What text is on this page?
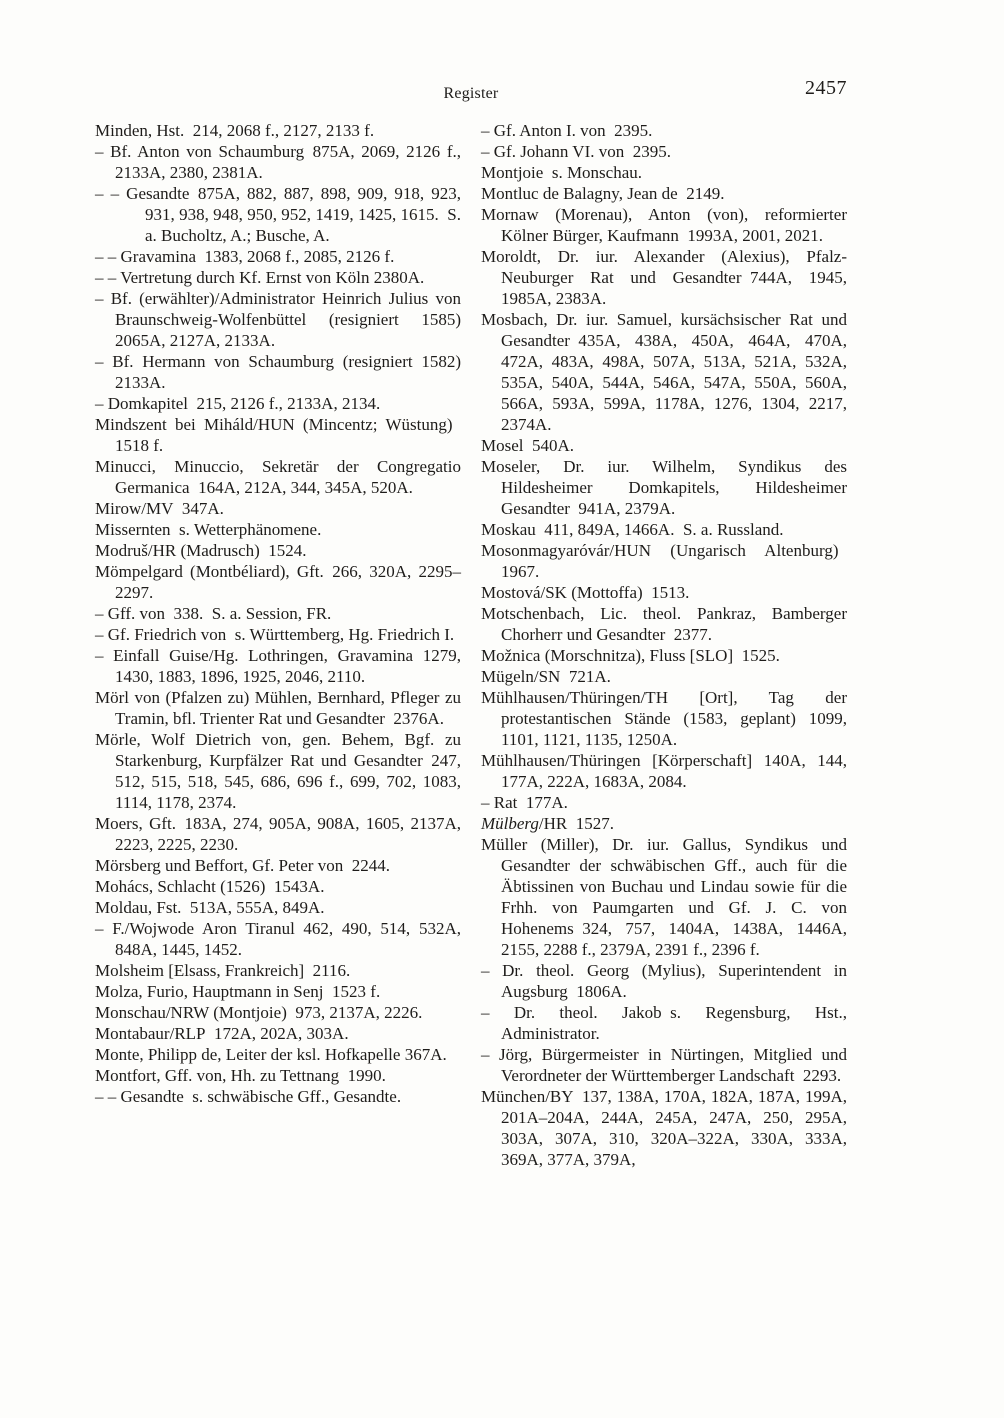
Register	2457

Minden, Hst. 214, 2068 f., 2127, 2133 f.

– Bf. Anton von Schaumburg 875A, 2069, 2126 f., 2133A, 2380, 2381A.

– – Gesandte 875A, 882, 887, 898, 909, 918, 923, 931, 938, 948, 950, 952, 1419, 1425, 1615. S. a. Bucholtz, A.; Busche, A.

– – Gravamina 1383, 2068 f., 2085, 2126 f.

– – Vertretung durch Kf. Ernst von Köln 2380A.

– Bf. (erwählter)/Administrator Heinrich Julius von Braunschweig-Wolfenbüttel (resigniert 1585) 2065A, 2127A, 2133A.

– Bf. Hermann von Schaumburg (resigniert 1582) 2133A.

– Domkapitel 215, 2126 f., 2133A, 2134.

Mindszent bei Miháld/HUN (Mincentz; Wüstung) 1518 f.

Minucci, Minuccio, Sekretär der Congregatio Germanica 164A, 212A, 344, 345A, 520A.

Mirow/MV 347A.

Missernten s. Wetterphänomene.

Modruš/HR (Madrusch) 1524.

Mömpelgard (Montbéliard), Gft. 266, 320A, 2295–2297.

– Gff. von 338. S. a. Session, FR.

– Gf. Friedrich von s. Württemberg, Hg. Friedrich I.

– Einfall Guise/Hg. Lothringen, Gravamina 1279, 1430, 1883, 1896, 1925, 2046, 2110.

Mörl von (Pfalzen zu) Mühlen, Bernhard, Pfleger zu Tramin, bfl. Trienter Rat und Gesandter 2376A.

Mörle, Wolf Dietrich von, gen. Behem, Bgf. zu Starkenburg, Kurpfälzer Rat und Gesandter 247, 512, 515, 518, 545, 686, 696 f., 699, 702, 1083, 1114, 1178, 2374.

Moers, Gft. 183A, 274, 905A, 908A, 1605, 2137A, 2223, 2225, 2230.

Mörsberg und Beffort, Gf. Peter von 2244.

Mohács, Schlacht (1526) 1543A.

Moldau, Fst. 513A, 555A, 849A.

– F./Wojwode Aron Tiranul 462, 490, 514, 532A, 848A, 1445, 1452.

Molsheim [Elsass, Frankreich] 2116.

Molza, Furio, Hauptmann in Senj 1523 f.

Monschau/NRW (Montjoie) 973, 2137A, 2226.

Montabaur/RLP 172A, 202A, 303A.

Monte, Philipp de, Leiter der ksl. Hofkapelle 367A.

Montfort, Gff. von, Hh. zu Tettnang 1990.

– – Gesandte s. schwäbische Gff., Gesandte.

– Gf. Anton I. von 2395.

– Gf. Johann VI. von 2395.

Montjoie s. Monschau.

Montluc de Balagny, Jean de 2149.

Mornaw (Morenau), Anton (von), reformierter Kölner Bürger, Kaufmann 1993A, 2001, 2021.

Moroldt, Dr. iur. Alexander (Alexius), Pfalz-Neuburger Rat und Gesandter 744A, 1945, 1985A, 2383A.

Mosbach, Dr. iur. Samuel, kursächsischer Rat und Gesandter 435A, 438A, 450A, 464A, 470A, 472A, 483A, 498A, 507A, 513A, 521A, 532A, 535A, 540A, 544A, 546A, 547A, 550A, 560A, 566A, 593A, 599A, 1178A, 1276, 1304, 2217, 2374A.

Mosel 540A.

Moseler, Dr. iur. Wilhelm, Syndikus des Hildesheimer Domkapitels, Hildesheimer Gesandter 941A, 2379A.

Moskau 411, 849A, 1466A. S. a. Russland.

Mosonmagyaróvár/HUN (Ungarisch Altenburg) 1967.

Mostová/SK (Mottoffa) 1513.

Motschenbach, Lic. theol. Pankraz, Bamberger Chorherr und Gesandter 2377.

Možnica (Morschnitza), Fluss [SLO] 1525.

Mügeln/SN 721A.

Mühlhausen/Thüringen/TH [Ort], Tag der protestantischen Stände (1583, geplant) 1099, 1101, 1121, 1135, 1250A.

Mühlhausen/Thüringen [Körperschaft] 140A, 144, 177A, 222A, 1683A, 2084.

– Rat 177A.

Mülberg/HR 1527.

Müller (Miller), Dr. iur. Gallus, Syndikus und Gesandter der schwäbischen Gff., auch für die Äbtissinen von Buchau und Lindau sowie für die Frhh. von Paumgarten und Gf. J. C. von Hohenems 324, 757, 1404A, 1438A, 1446A, 2155, 2288 f., 2379A, 2391 f., 2396 f.

– Dr. theol. Georg (Mylius), Superintendent in Augsburg 1806A.

– Dr. theol. Jakob s. Regensburg, Hst., Administrator.

– Jörg, Bürgermeister in Nürtingen, Mitglied und Verordneter der Württemberger Landschaft 2293.

München/BY 137, 138A, 170A, 182A, 187A, 199A, 201A–204A, 244A, 245A, 247A, 250, 295A, 303A, 307A, 310, 320A–322A, 330A, 333A, 369A, 377A, 379A,
